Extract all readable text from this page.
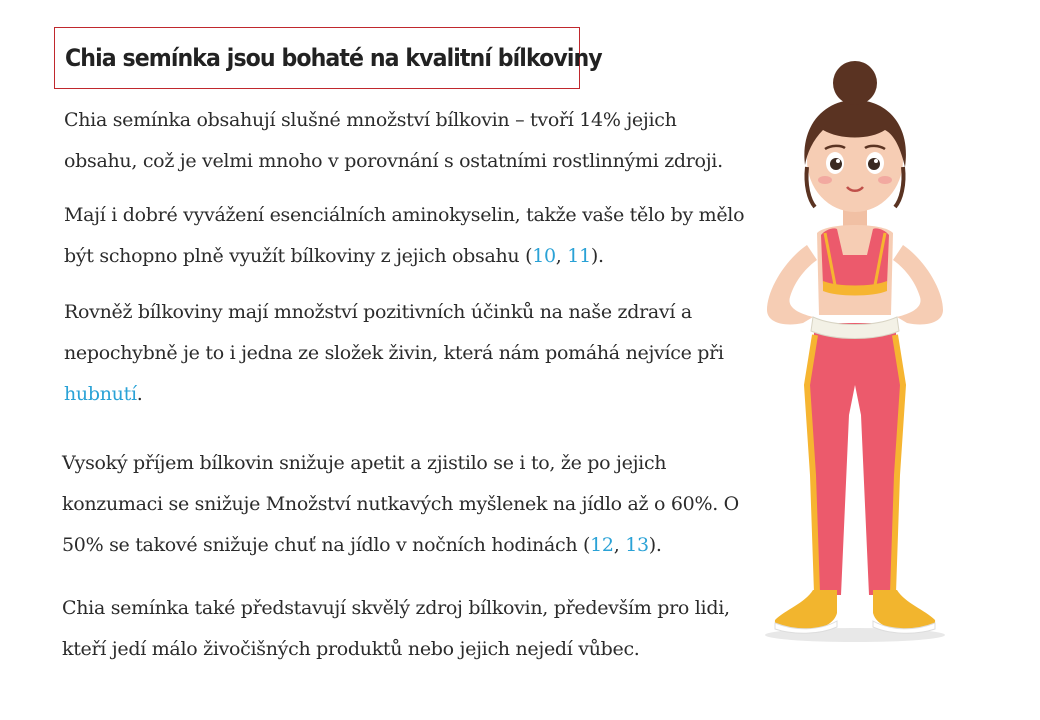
Chia semínka jsou bohaté na kvalitní bílkoviny

Chia semínka obsahují slušné množství bílkovin – tvoří 14% jejich
obsahu, což je velmi mnoho v porovnání s ostatními rostlinnými zdroji.

Mají i dobré vyvážení esenciálních aminokyselin, takže vaše tělo by mělo
být schopno plně využít bílkoviny z jejich obsahu (10, 11).

Rovněž bílkoviny mají množství pozitivních účinků na naše zdraví a
nepochybně je to i jedna ze složek živin, která nám pomáhá nejvíce při
hubnutí.

Vysoký příjem bílkovin snižuje apetit a zjistilo se i to, že po jejich
konzumaci se snižuje Množství nutkavých myšlenek na jídlo až o 60%. O
50% se takové snižuje chuť na jídlo v nočních hodinách (12, 13).

Chia semínka také představují skvělý zdroj bílkovin, především pro lidi,
kteří jedí málo živočišných produktů nebo jejich nejedí vůbec.
